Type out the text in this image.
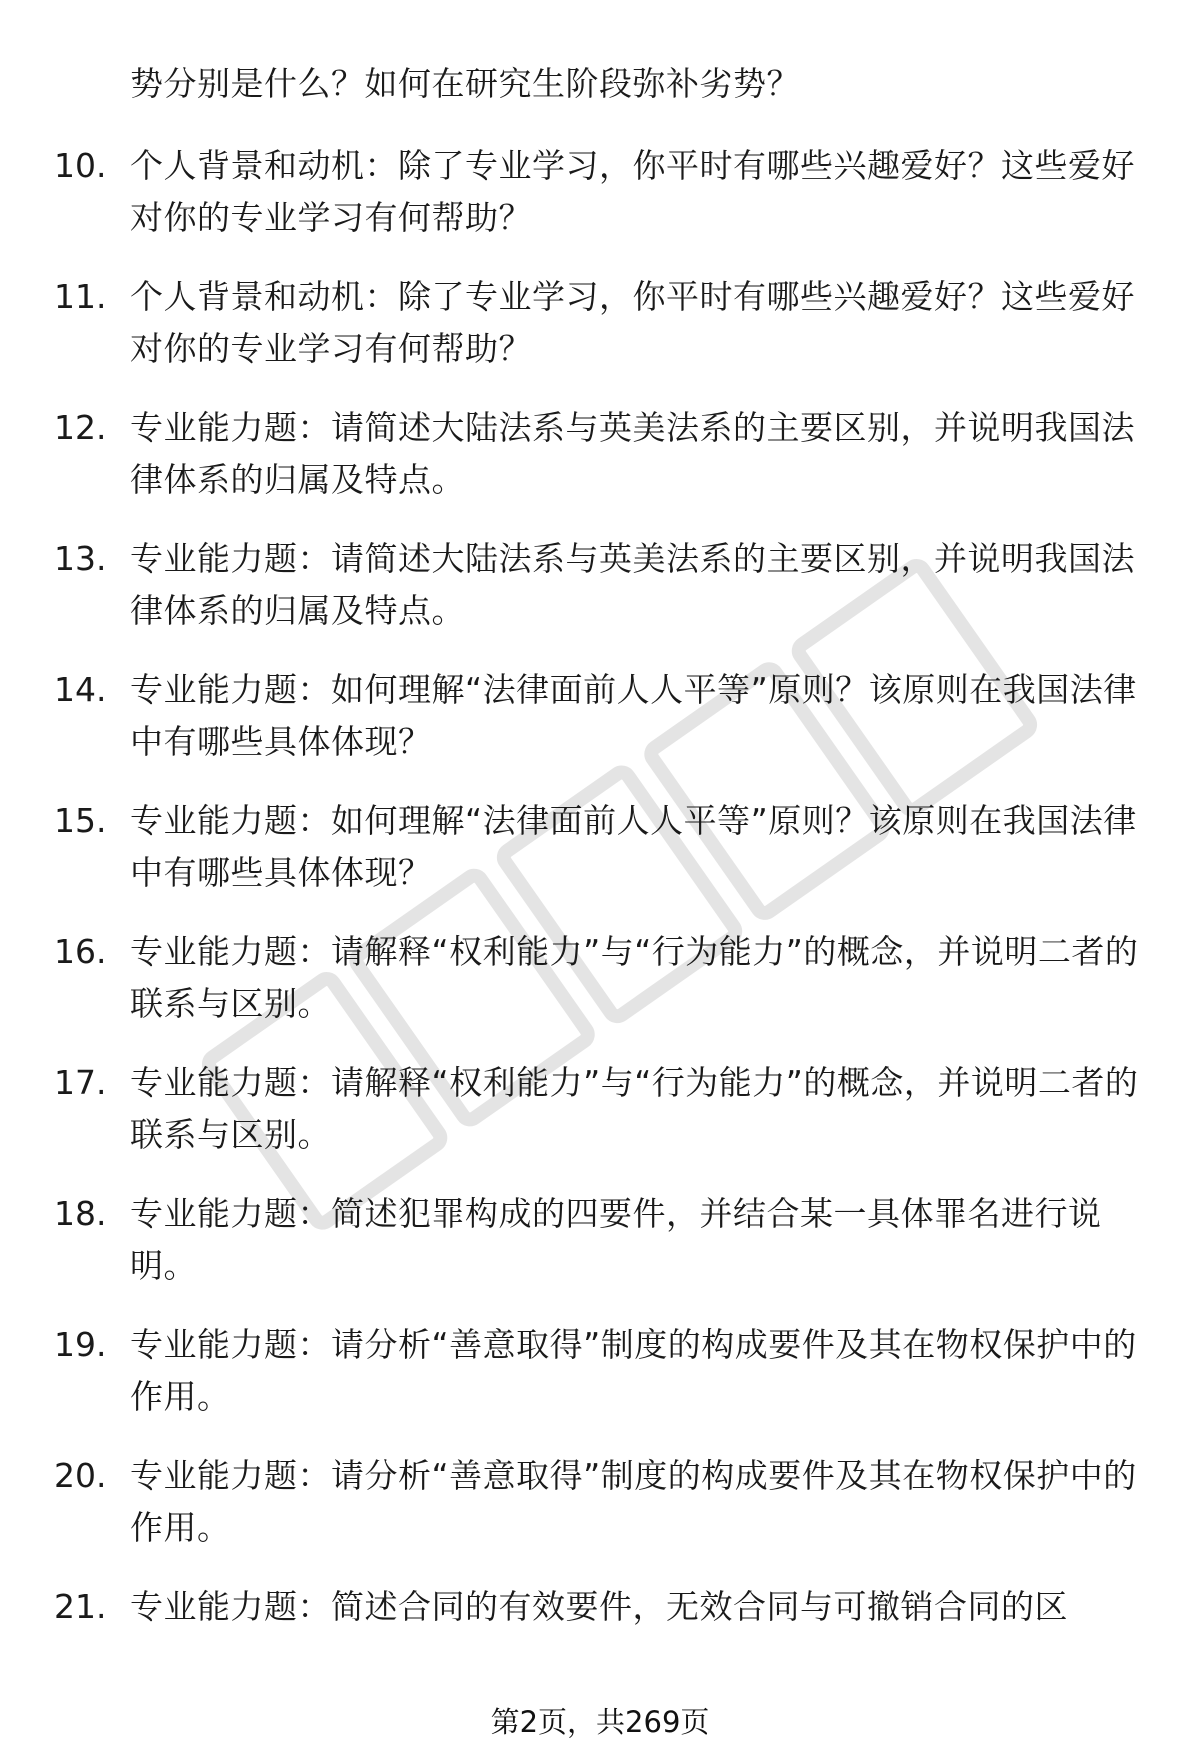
势分别是什么？如何在研究生阶段弥补劣势？
10. 个人背景和动机：除了专业学习，你平时有哪些兴趣爱好？这些爱好对你的专业学习有何帮助？
11. 个人背景和动机：除了专业学习，你平时有哪些兴趣爱好？这些爱好对你的专业学习有何帮助？
12. 专业能力题：请简述大陆法系与英美法系的主要区别，并说明我国法律体系的归属及特点。
13. 专业能力题：请简述大陆法系与英美法系的主要区别，并说明我国法律体系的归属及特点。
14. 专业能力题：如何理解“法律面前人人平等”原则？该原则在我国法律中有哪些具体体现？
15. 专业能力题：如何理解“法律面前人人平等”原则？该原则在我国法律中有哪些具体体现？
16. 专业能力题：请解释“权利能力”与“行为能力”的概念，并说明二者的联系与区别。
17. 专业能力题：请解释“权利能力”与“行为能力”的概念，并说明二者的联系与区别。
18. 专业能力题：简述犯罪构成的四要件，并结合某一具体罪名进行说明。
19. 专业能力题：请分析“善意取得”制度的构成要件及其在物权保护中的作用。
20. 专业能力题：请分析“善意取得”制度的构成要件及其在物权保护中的作用。
21. 专业能力题：简述合同的有效要件，无效合同与可撤销合同的区
第2页，共269页
